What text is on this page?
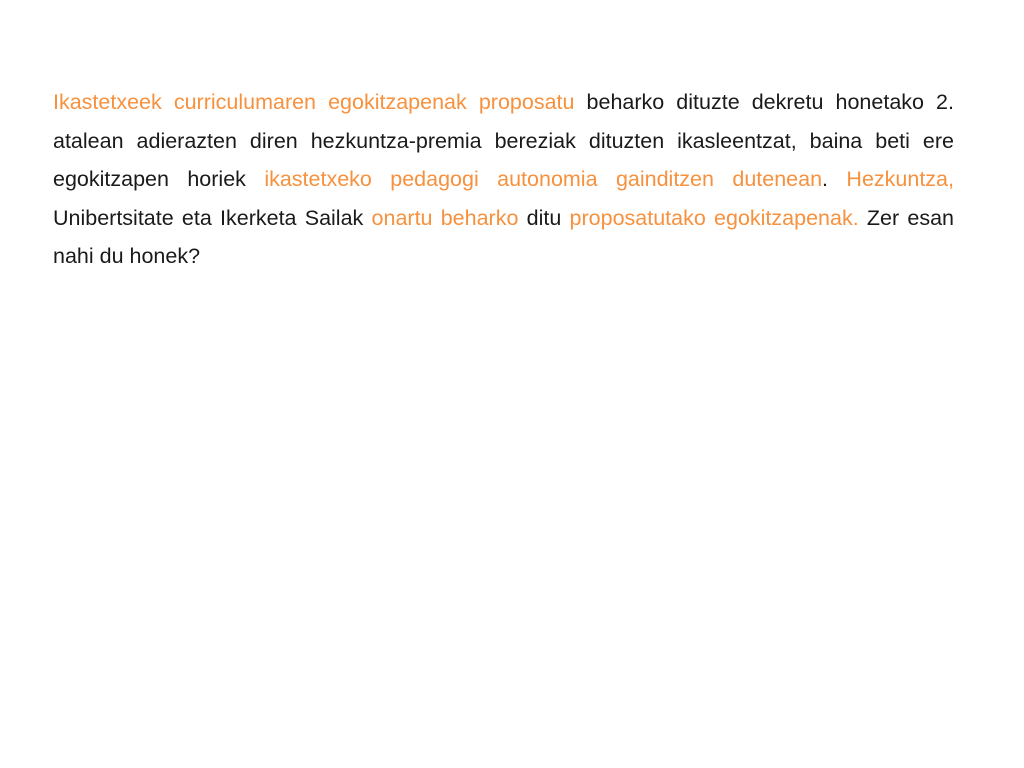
Ikastetxeek curriculumaren egokitzapenak proposatu beharko dituzte dekretu honetako 2. atalean adierazten diren hezkuntza-premia bereziak dituzten ikasleentzat, baina beti ere egokitzapen horiek ikastetxeko pedagogi autonomia gainditzen dutenean. Hezkuntza, Unibertsitate eta Ikerketa Sailak onartu beharko ditu proposatutako egokitzapenak. Zer esan nahi du honek?
